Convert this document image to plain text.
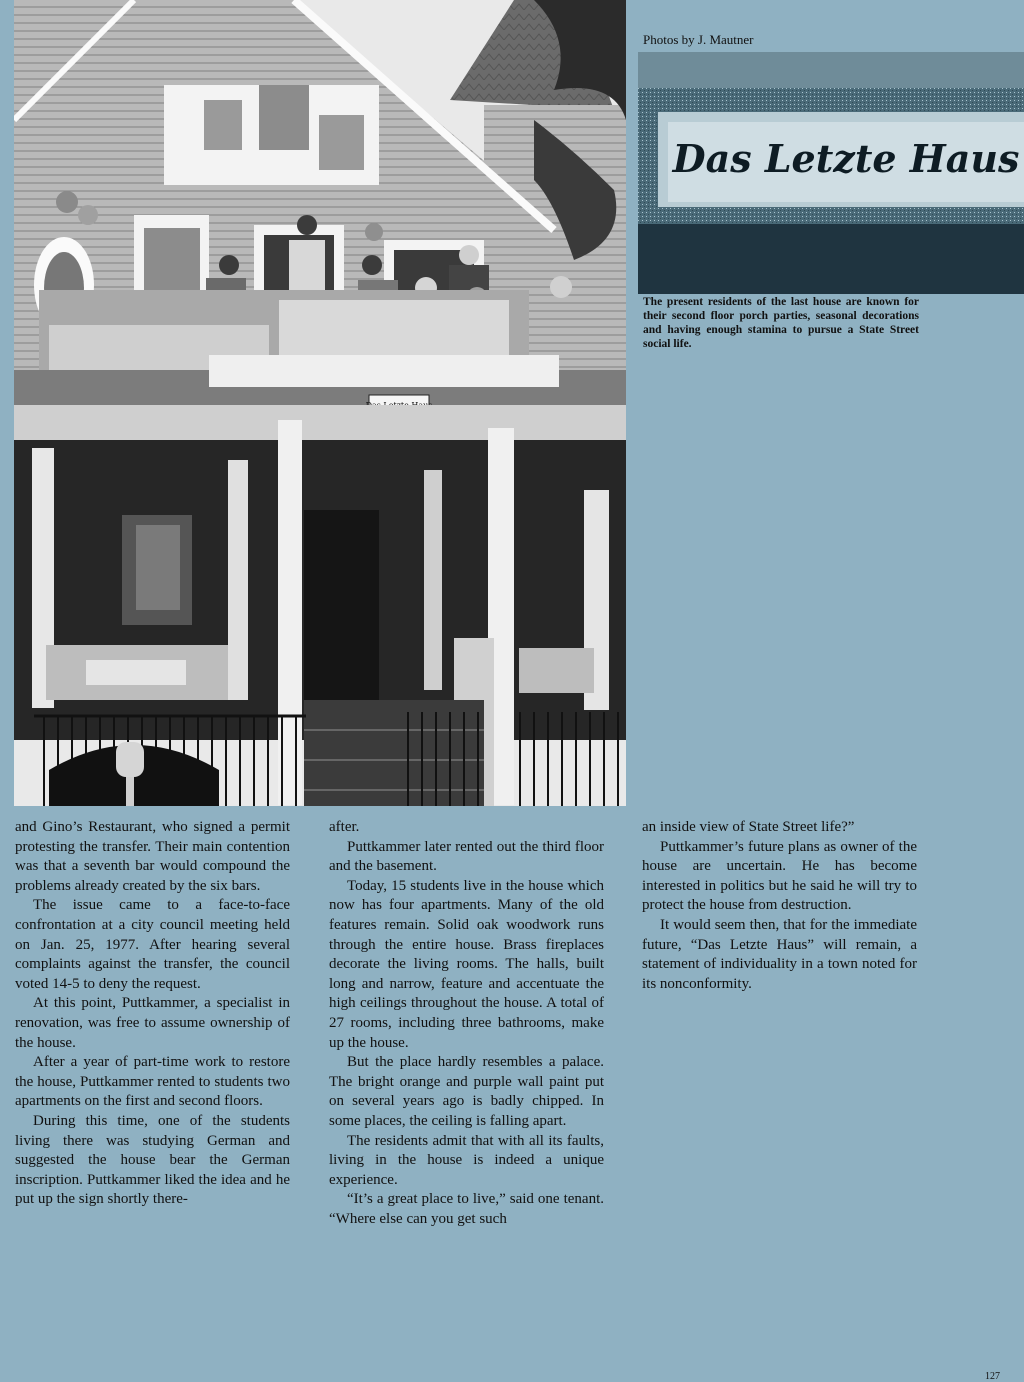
Photos by J. Mautner
Das Letzte Haus
The present residents of the last house are known for their second floor porch parties, seasonal decorations and having enough stamina to pursue a State Street social life.

and Gino’s Restaurant, who signed a permit protesting the transfer. Their main contention was that a seventh bar would compound the problems already created by the six bars.

The issue came to a face-to-face confrontation at a city council meeting held on Jan. 25, 1977. After hearing several complaints against the transfer, the council voted 14-5 to deny the request.

At this point, Puttkammer, a specialist in renovation, was free to assume ownership of the house.

After a year of part-time work to restore the house, Puttkammer rented to students two apartments on the first and second floors.

During this time, one of the students living there was studying German and suggested the house bear the German inscription. Puttkammer liked the idea and he put up the sign shortly there-

after.

Puttkammer later rented out the third floor and the basement.

Today, 15 students live in the house which now has four apartments. Many of the old features remain. Solid oak woodwork runs through the entire house. Brass fireplaces decorate the living rooms. The halls, built long and narrow, feature and accentuate the high ceilings throughout the house. A total of 27 rooms, including three bathrooms, make up the house.

But the place hardly resembles a palace. The bright orange and purple wall paint put on several years ago is badly chipped. In some places, the ceiling is falling apart.

The residents admit that with all its faults, living in the house is indeed a unique experience.

“It’s a great place to live,” said one tenant. “Where else can you get such

an inside view of State Street life?”

Puttkammer’s future plans as owner of the house are uncertain. He has become interested in politics but he said he will try to protect the house from destruction.

It would seem then, that for the immediate future, “Das Letzte Haus” will remain, a statement of individuality in a town noted for its nonconformity.

127
